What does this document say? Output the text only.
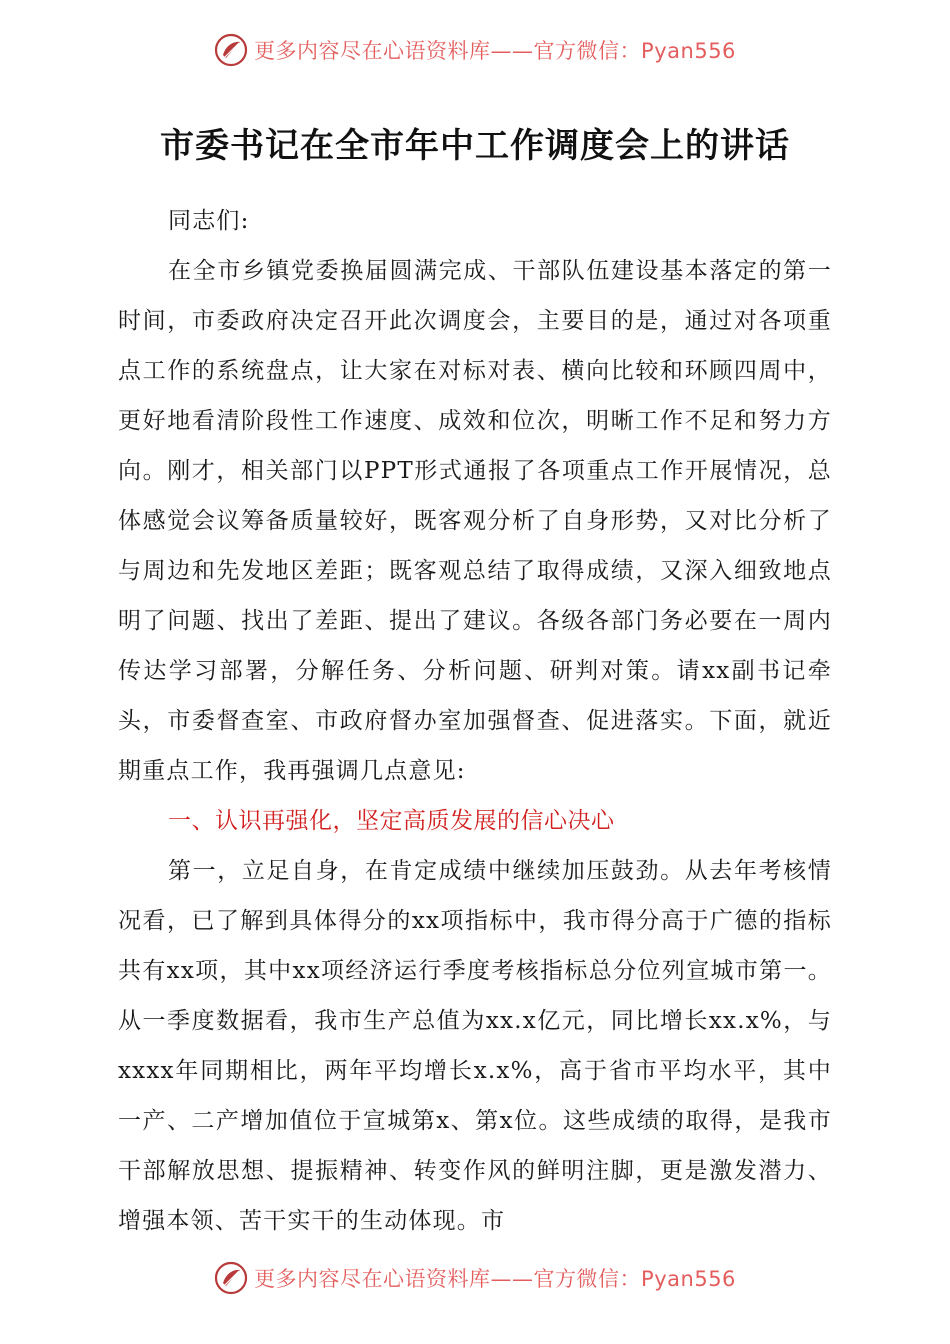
更多内容尽在心语资料库——官方微信：Pyan556
市委书记在全市年中工作调度会上的讲话

同志们:

在全市乡镇党委换届圆满完成、干部队伍建设基本落定的第一时间，市委政府决定召开此次调度会，主要目的是，通过对各项重点工作的系统盘点，让大家在对标对表、横向比较和环顾四周中，更好地看清阶段性工作速度、成效和位次，明晰工作不足和努力方向。刚才，相关部门以PPT形式通报了各项重点工作开展情况，总体感觉会议筹备质量较好，既客观分析了自身形势，又对比分析了与周边和先发地区差距；既客观总结了取得成绩，又深入细致地点明了问题、找出了差距、提出了建议。各级各部门务必要在一周内传达学习部署，分解任务、分析问题、研判对策。请xx副书记牵头，市委督查室、市政府督办室加强督查、促进落实。下面，就近期重点工作，我再强调几点意见:

一、认识再强化，坚定高质发展的信心决心

第一，立足自身，在肯定成绩中继续加压鼓劲。从去年考核情况看，已了解到具体得分的xx项指标中，我市得分高于广德的指标共有xx项，其中xx项经济运行季度考核指标总分位列宣城市第一。从一季度数据看，我市生产总值为xx.x亿元，同比增长xx.x%，与xxxx年同期相比，两年平均增长x.x%，高于省市平均水平，其中一产、二产增加值位于宣城第x、第x位。这些成绩的取得，是我市干部解放思想、提振精神、转变作风的鲜明注脚，更是激发潜力、增强本领、苦干实干的生动体现。市

更多内容尽在心语资料库——官方微信：Pyan556
